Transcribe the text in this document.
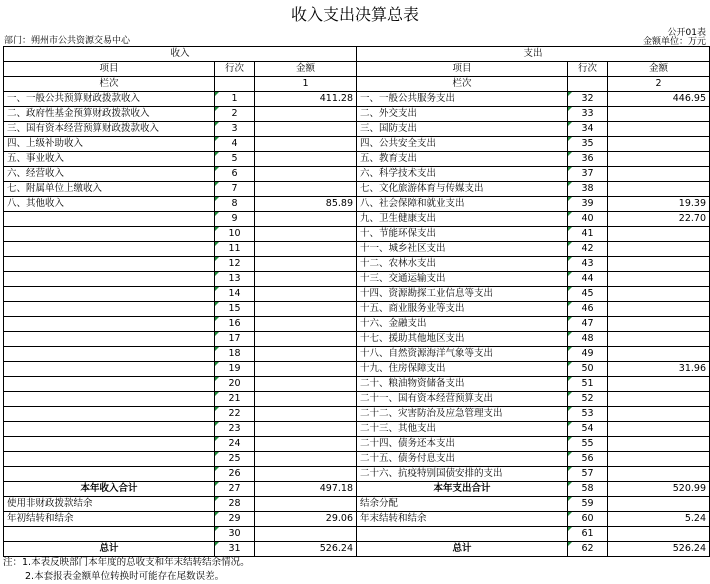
收入支出决算总表
公开01表
部门：朔州市公共资源交易中心	金额单位：万元
收入			支出		
项目	行次	金额	项目	行次	金额
栏次		1	栏次		2
一、一般公共预算财政拨款收入	1	411.28	一、一般公共服务支出	32	446.95
二、政府性基金预算财政拨款收入	2		二、外交支出	33	
三、国有资本经营预算财政拨款收入	3		三、国防支出	34	
四、上级补助收入	4		四、公共安全支出	35	
五、事业收入	5		五、教育支出	36	
六、经营收入	6		六、科学技术支出	37	
七、附属单位上缴收入	7		七、文化旅游体育与传媒支出	38	
八、其他收入	8	85.89	八、社会保障和就业支出	39	19.39
	9		九、卫生健康支出	40	22.70
	10		十、节能环保支出	41	
	11		十一、城乡社区支出	42	
	12		十二、农林水支出	43	
	13		十三、交通运输支出	44	
	14		十四、资源勘探工业信息等支出	45	
	15		十五、商业服务业等支出	46	
	16		十六、金融支出	47	
	17		十七、援助其他地区支出	48	
	18		十八、自然资源海洋气象等支出	49	
	19		十九、住房保障支出	50	31.96
	20		二十、粮油物资储备支出	51	
	21		二十一、国有资本经营预算支出	52	
	22		二十二、灾害防治及应急管理支出	53	
	23		二十三、其他支出	54	
	24		二十四、债务还本支出	55	
	25		二十五、债务付息支出	56	
	26		二十六、抗疫特别国债安排的支出	57	
本年收入合计	27	497.18	本年支出合计	58	520.99
使用非财政拨款结余	28		结余分配	59	
年初结转和结余	29	29.06	年末结转和结余	60	5.24
	30			61	
总计	31	526.24	总计	62	526.24
注：1.本表反映部门本年度的总收支和年末结转结余情况。
2.本套报表金额单位转换时可能存在尾数误差。
